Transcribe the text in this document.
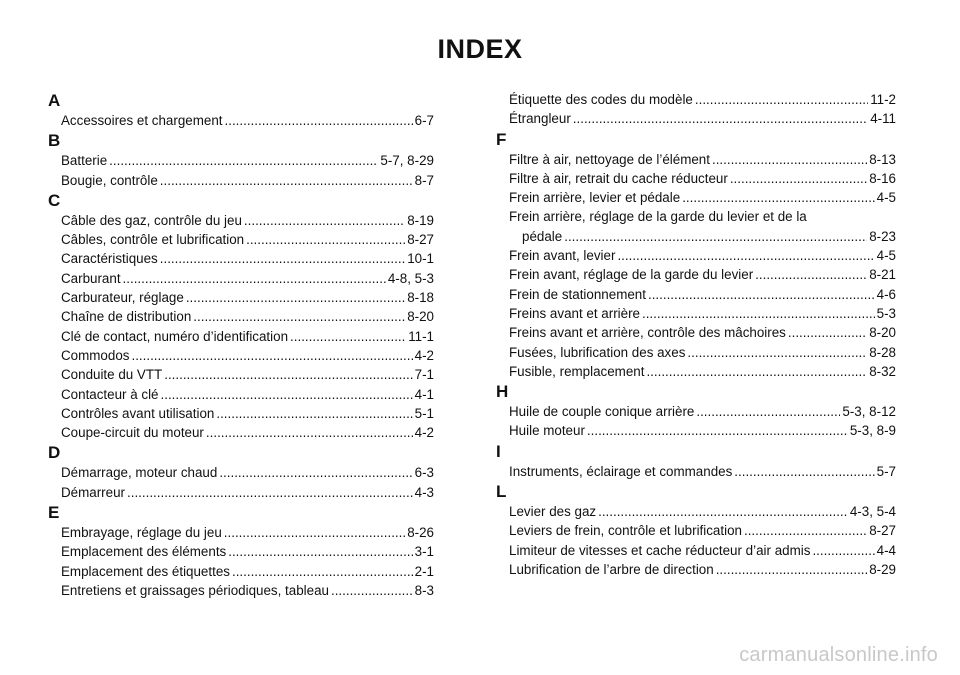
INDEX
A
Accessoires et chargement .....	6-7
B
Batterie .....	5-7, 8-29
Bougie, contrôle .....	8-7
C
Câble des gaz, contrôle du jeu .....	8-19
Câbles, contrôle et lubrification .....	8-27
Caractéristiques .....	10-1
Carburant .....	4-8, 5-3
Carburateur, réglage .....	8-18
Chaîne de distribution .....	8-20
Clé de contact, numéro d’identification .....	11-1
Commodos .....	4-2
Conduite du VTT .....	7-1
Contacteur à clé .....	4-1
Contrôles avant utilisation .....	5-1
Coupe-circuit du moteur .....	4-2
D
Démarrage, moteur chaud .....	6-3
Démarreur .....	4-3
E
Embrayage, réglage du jeu .....	8-26
Emplacement des éléments .....	3-1
Emplacement des étiquettes .....	2-1
Entretiens et graissages périodiques, tableau .....	8-3
Étiquette des codes du modèle .....	11-2
Étrangleur .....	4-11
F
Filtre à air, nettoyage de l’élément .....	8-13
Filtre à air, retrait du cache réducteur .....	8-16
Frein arrière, levier et pédale .....	4-5
Frein arrière, réglage de la garde du levier et de la
pédale .....	8-23
Frein avant, levier .....	4-5
Frein avant, réglage de la garde du levier .....	8-21
Frein de stationnement .....	4-6
Freins avant et arrière .....	5-3
Freins avant et arrière, contrôle des mâchoires .....	8-20
Fusées, lubrification des axes .....	8-28
Fusible, remplacement .....	8-32
H
Huile de couple conique arrière .....	5-3, 8-12
Huile moteur .....	5-3, 8-9
I
Instruments, éclairage et commandes .....	5-7
L
Levier des gaz .....	4-3, 5-4
Leviers de frein, contrôle et lubrification .....	8-27
Limiteur de vitesses et cache réducteur d’air admis .....	4-4
Lubrification de l’arbre de direction .....	8-29
carmanualsonline.info
